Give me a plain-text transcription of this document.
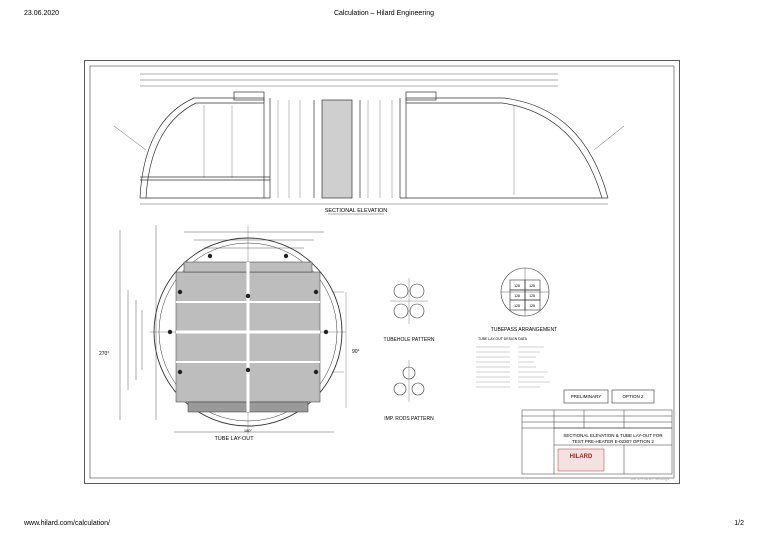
23.06.2020	Calculation – Hilard Engineering
SECTIONAL ELEVATION
270°	90°
180°
TUBE LAY-OUT
TUBEHOLE PATTERN
IMP. RODS PATTERN
128	128
128	128
128	128
TUBEPASS ARRANGEMENT
TUBE LAY-OUT DESIGN DATA
PRELIMINARY	OPTION 2
SECTIONAL ELEVATION & TUBE LAY-OUT FOR
TEST PRE-HEATER E-0230? OPTION 2
HILARD
Go to Plans / Settings
www.hilard.com/calculation/	1/2
